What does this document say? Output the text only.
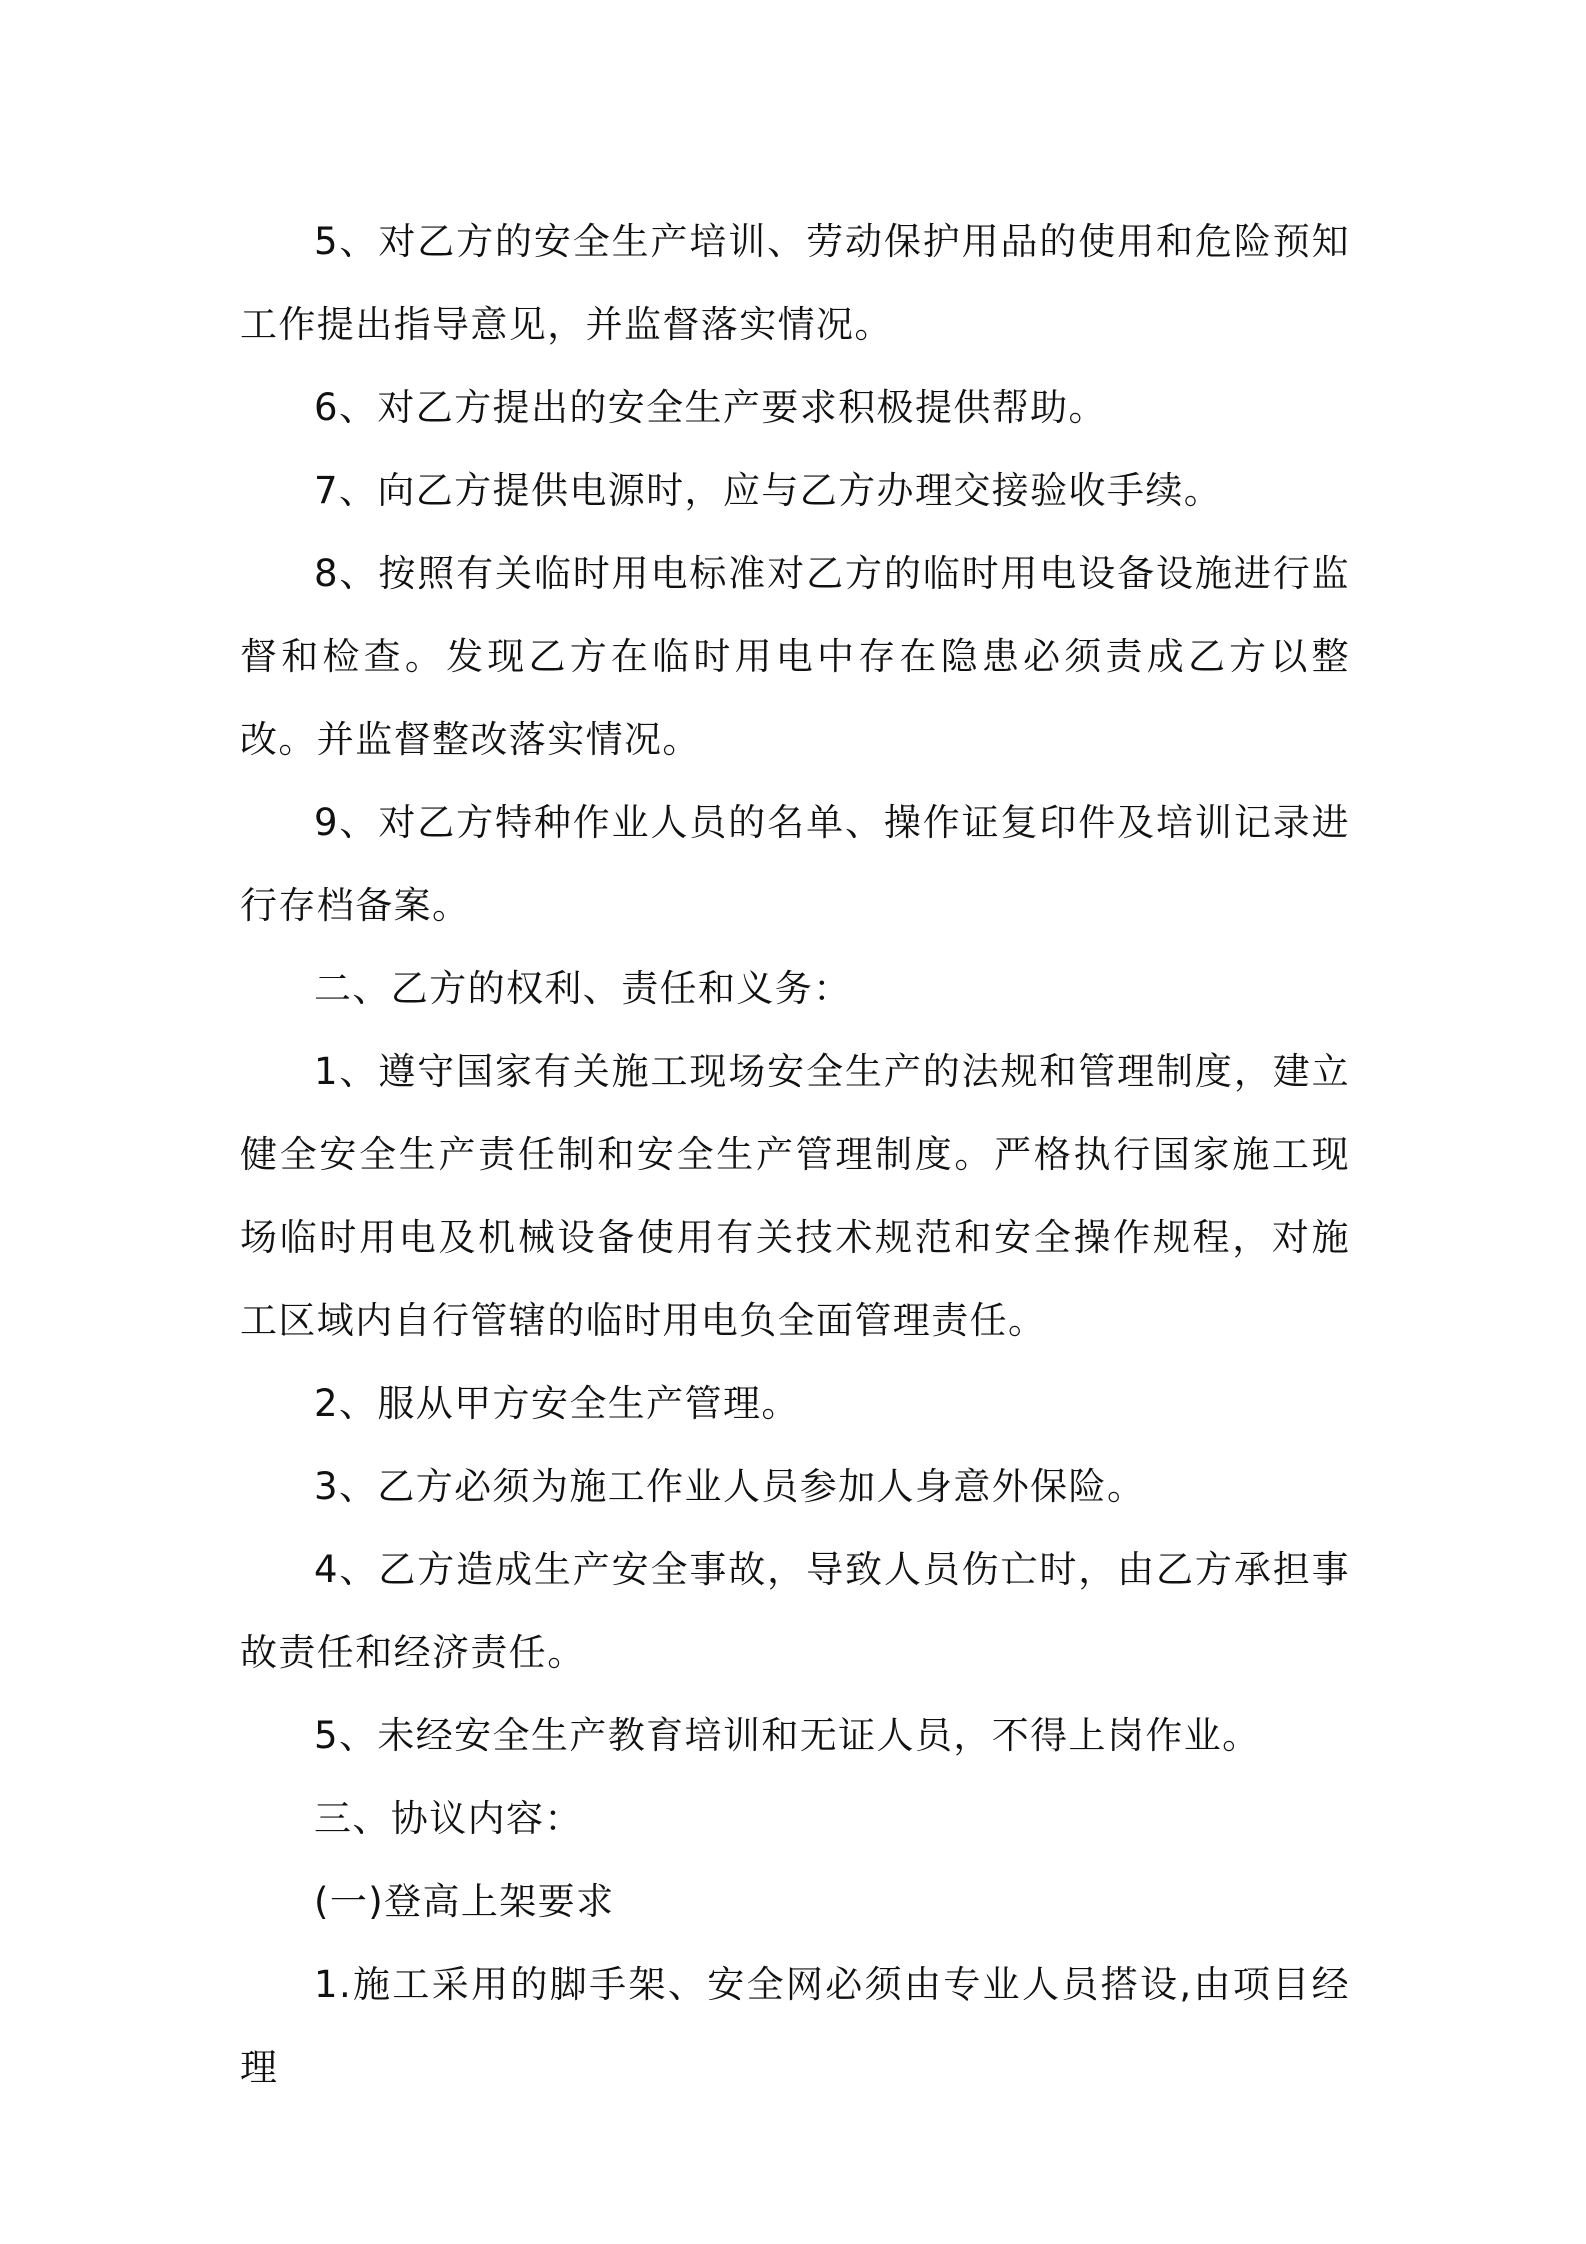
5、对乙方的安全生产培训、劳动保护用品的使用和危险预知工作提出指导意见，并监督落实情况。

6、对乙方提出的安全生产要求积极提供帮助。

7、向乙方提供电源时，应与乙方办理交接验收手续。

8、按照有关临时用电标准对乙方的临时用电设备设施进行监督和检查。发现乙方在临时用电中存在隐患必须责成乙方以整改。并监督整改落实情况。

9、对乙方特种作业人员的名单、操作证复印件及培训记录进行存档备案。

二、乙方的权利、责任和义务：

1、遵守国家有关施工现场安全生产的法规和管理制度，建立健全安全生产责任制和安全生产管理制度。严格执行国家施工现场临时用电及机械设备使用有关技术规范和安全操作规程，对施工区域内自行管辖的临时用电负全面管理责任。

2、服从甲方安全生产管理。

3、乙方必须为施工作业人员参加人身意外保险。

4、乙方造成生产安全事故，导致人员伤亡时，由乙方承担事故责任和经济责任。

5、未经安全生产教育培训和无证人员，不得上岗作业。

三、协议内容：

(一)登高上架要求

1.施工采用的脚手架、安全网必须由专业人员搭设,由项目经理
